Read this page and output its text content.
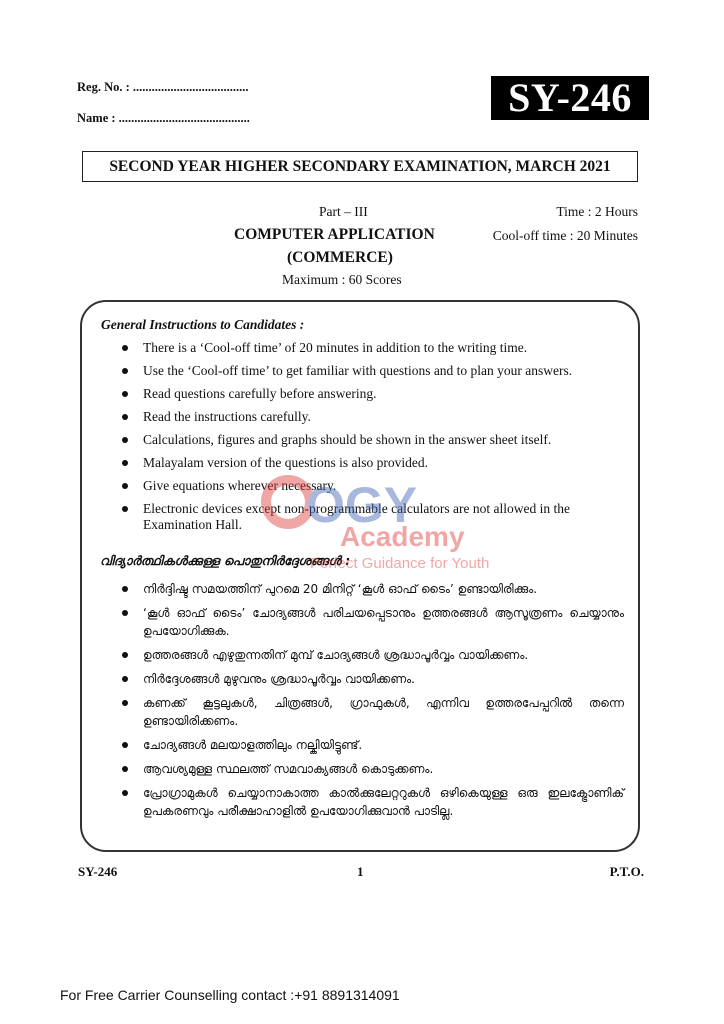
Reg. No. : .....................................
Name : ..........................................	SY-246
SECOND YEAR HIGHER SECONDARY EXAMINATION, MARCH 2021
Part – III	Time : 2 Hours
COMPUTER APPLICATION	Cool-off time : 20 Minutes
(COMMERCE)
Maximum : 60 Scores
General Instructions to Candidates :
There is a ‘Cool-off time’ of 20 minutes in addition to the writing time.
Use the ‘Cool-off time’ to get familiar with questions and to plan your answers.
Read questions carefully before answering.
Read the instructions carefully.
Calculations, figures and graphs should be shown in the answer sheet itself.
Malayalam version of the questions is also provided.
Give equations wherever necessary.
Electronic devices except non-programmable calculators are not allowed in the Examination Hall.
വിദ്യാർത്ഥികൾക്കുള്ള പൊതുനിർദ്ദേശങ്ങൾ :
നിർദ്ദിഷ്ട സമയത്തിന് പുറമെ 20 മിനിറ്റ് ‘കൂൾ ഓഫ് ടൈം’ ഉണ്ടായിരിക്കും.
‘കൂൾ ഓഫ് ടൈം’ ചോദ്യങ്ങൾ പരിചയപ്പെടാനും ഉത്തരങ്ങൾ ആസൂത്രണം ചെയ്യാനും ഉപയോഗിക്കുക.
ഉത്തരങ്ങൾ എഴുതുന്നതിന് മുമ്പ് ചോദ്യങ്ങൾ ശ്രദ്ധാപൂർവ്വം വായിക്കണം.
നിർദ്ദേശങ്ങൾ മുഴുവനും ശ്രദ്ധാപൂർവ്വം വായിക്കണം.
കണക്ക് കൂട്ടലുകൾ, ചിത്രങ്ങൾ, ഗ്രാഫുകൾ, എന്നിവ ഉത്തരപേപ്പറിൽ തന്നെ ഉണ്ടായിരിക്കണം.
ചോദ്യങ്ങൾ മലയാളത്തിലും നല്കിയിട്ടുണ്ട്.
ആവശ്യമുള്ള സ്ഥലത്ത് സമവാക്യങ്ങൾ കൊടുക്കണം.
പ്രോഗ്രാമുകൾ ചെയ്യാനാകാത്ത കാൽക്കുലേറ്ററുകൾ ഒഴികെയുള്ള ഒരു ഇലക്ട്രോണിക് ഉപകരണവും പരീക്ഷാഹാളിൽ ഉപയോഗിക്കുവാൻ പാടില്ല.
OGY
Academy
Perfect Guidance for Youth
SY-246	1	P.T.O.
For Free Carrier Counselling contact :+91 8891314091
